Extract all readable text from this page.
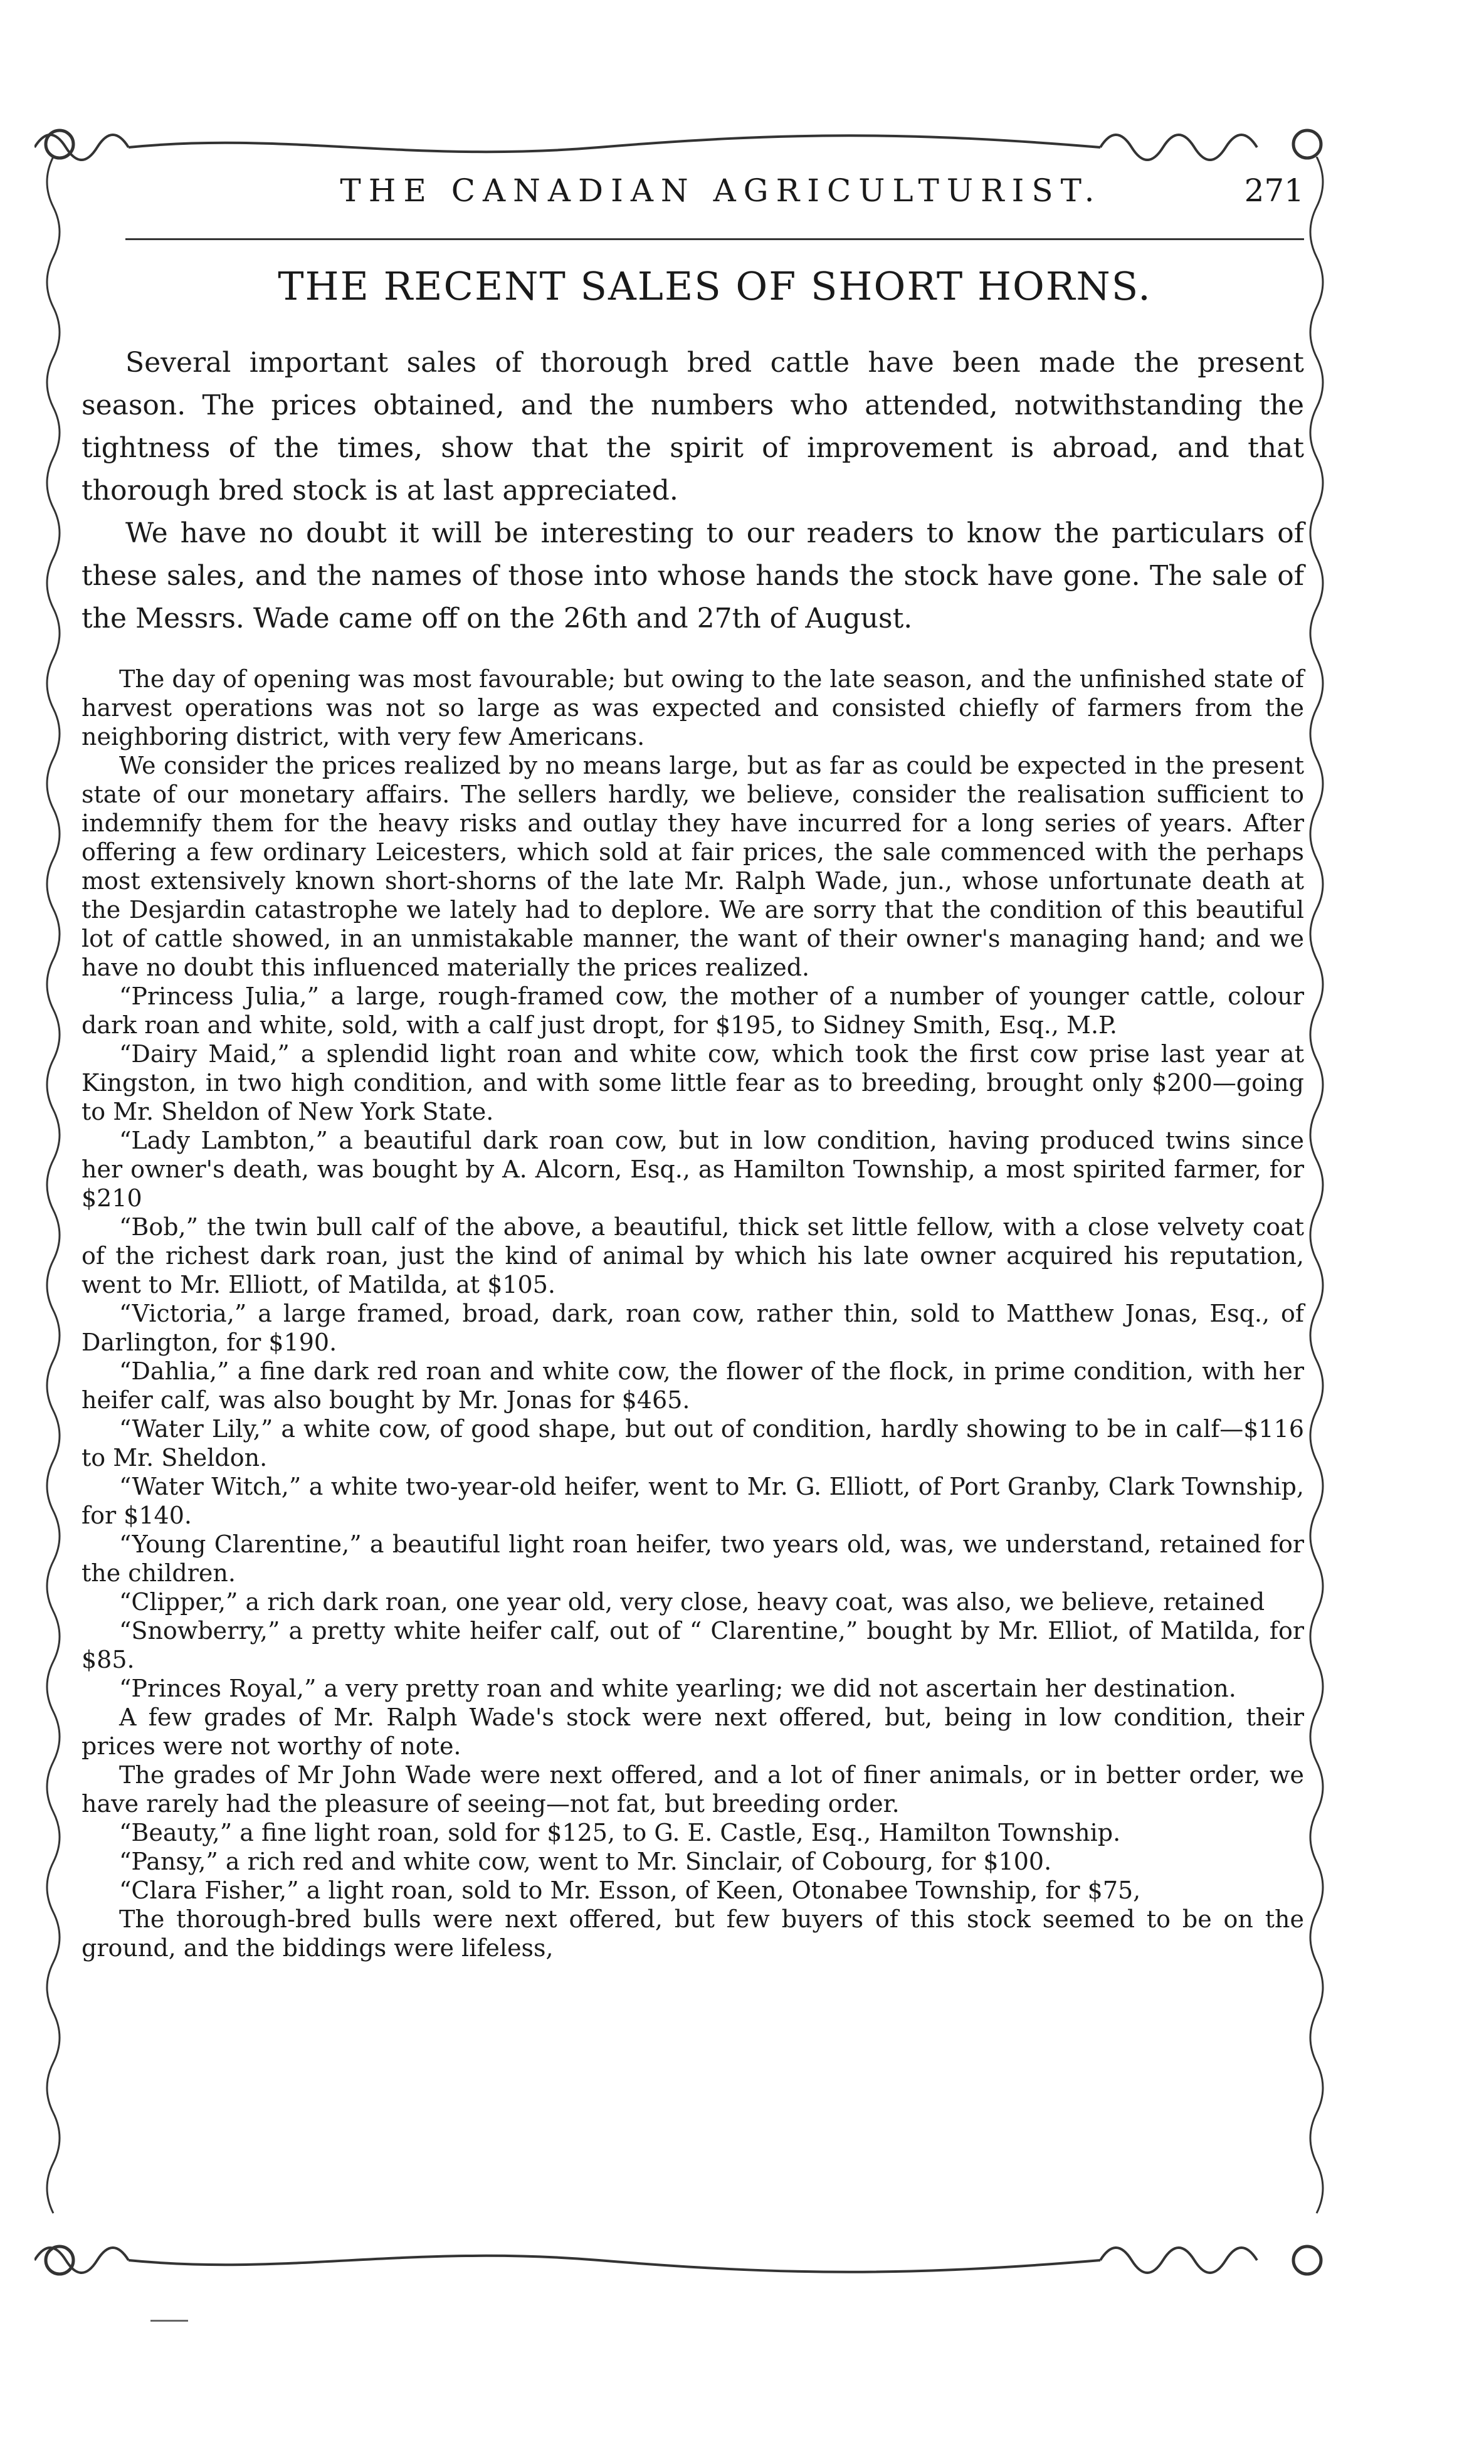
THE CANADIAN AGRICULTURIST.	271
THE RECENT SALES OF SHORT HORNS.

Several important sales of thorough bred cattle have been made the present season. The prices obtained, and the numbers who attended, notwithstanding the tightness of the times, show that the spirit of improvement is abroad, and that thorough bred stock is at last appreciated.

We have no doubt it will be interesting to our readers to know the particulars of these sales, and the names of those into whose hands the stock have gone. The sale of the Messrs. Wade came off on the 26th and 27th of August.

The day of opening was most favourable; but owing to the late season, and the unfinished state of harvest operations was not so large as was expected and consisted chiefly of farmers from the neighboring district, with very few Americans.

We consider the prices realized by no means large, but as far as could be expected in the present state of our monetary affairs. The sellers hardly, we believe, consider the realisation sufficient to indemnify them for the heavy risks and outlay they have incurred for a long series of years. After offering a few ordinary Leicesters, which sold at fair prices, the sale commenced with the perhaps most extensively known short-shorns of the late Mr. Ralph Wade, jun., whose unfortunate death at the Desjardin catastrophe we lately had to deplore. We are sorry that the condition of this beautiful lot of cattle showed, in an unmistakable manner, the want of their owner's managing hand; and we have no doubt this influenced materially the prices realized.

“Princess Julia,” a large, rough-framed cow, the mother of a number of younger cattle, colour dark roan and white, sold, with a calf just dropt, for $195, to Sidney Smith, Esq., M.P.

“Dairy Maid,” a splendid light roan and white cow, which took the first cow prise last year at Kingston, in two high condition, and with some little fear as to breeding, brought only $200—going to Mr. Sheldon of New York State.

“Lady Lambton,” a beautiful dark roan cow, but in low condition, having produced twins since her owner's death, was bought by A. Alcorn, Esq., as Hamilton Township, a most spirited farmer, for $210

“Bob,” the twin bull calf of the above, a beautiful, thick set little fellow, with a close velvety coat of the richest dark roan, just the kind of animal by which his late owner acquired his reputation, went to Mr. Elliott, of Matilda, at $105.

“Victoria,” a large framed, broad, dark, roan cow, rather thin, sold to Matthew Jonas, Esq., of Darlington, for $190.

“Dahlia,” a fine dark red roan and white cow, the flower of the flock, in prime condition, with her heifer calf, was also bought by Mr. Jonas for $465.

“Water Lily,” a white cow, of good shape, but out of condition, hardly showing to be in calf—$116 to Mr. Sheldon.

“Water Witch,” a white two-year-old heifer, went to Mr. G. Elliott, of Port Granby, Clark Township, for $140.

“Young Clarentine,” a beautiful light roan heifer, two years old, was, we understand, retained for the children.

“Clipper,” a rich dark roan, one year old, very close, heavy coat, was also, we believe, retained

“Snowberry,” a pretty white heifer calf, out of “ Clarentine,” bought by Mr. Elliot, of Matilda, for $85.

“Princes Royal,” a very pretty roan and white yearling; we did not ascertain her destination.

A few grades of Mr. Ralph Wade's stock were next offered, but, being in low condition, their prices were not worthy of note.

The grades of Mr John Wade were next offered, and a lot of finer animals, or in better order, we have rarely had the pleasure of seeing—not fat, but breeding order.

“Beauty,” a fine light roan, sold for $125, to G. E. Castle, Esq., Hamilton Township.

“Pansy,” a rich red and white cow, went to Mr. Sinclair, of Cobourg, for $100.

“Clara Fisher,” a light roan, sold to Mr. Esson, of Keen, Otonabee Township, for $75,

The thorough-bred bulls were next offered, but few buyers of this stock seemed to be on the ground, and the biddings were lifeless,
